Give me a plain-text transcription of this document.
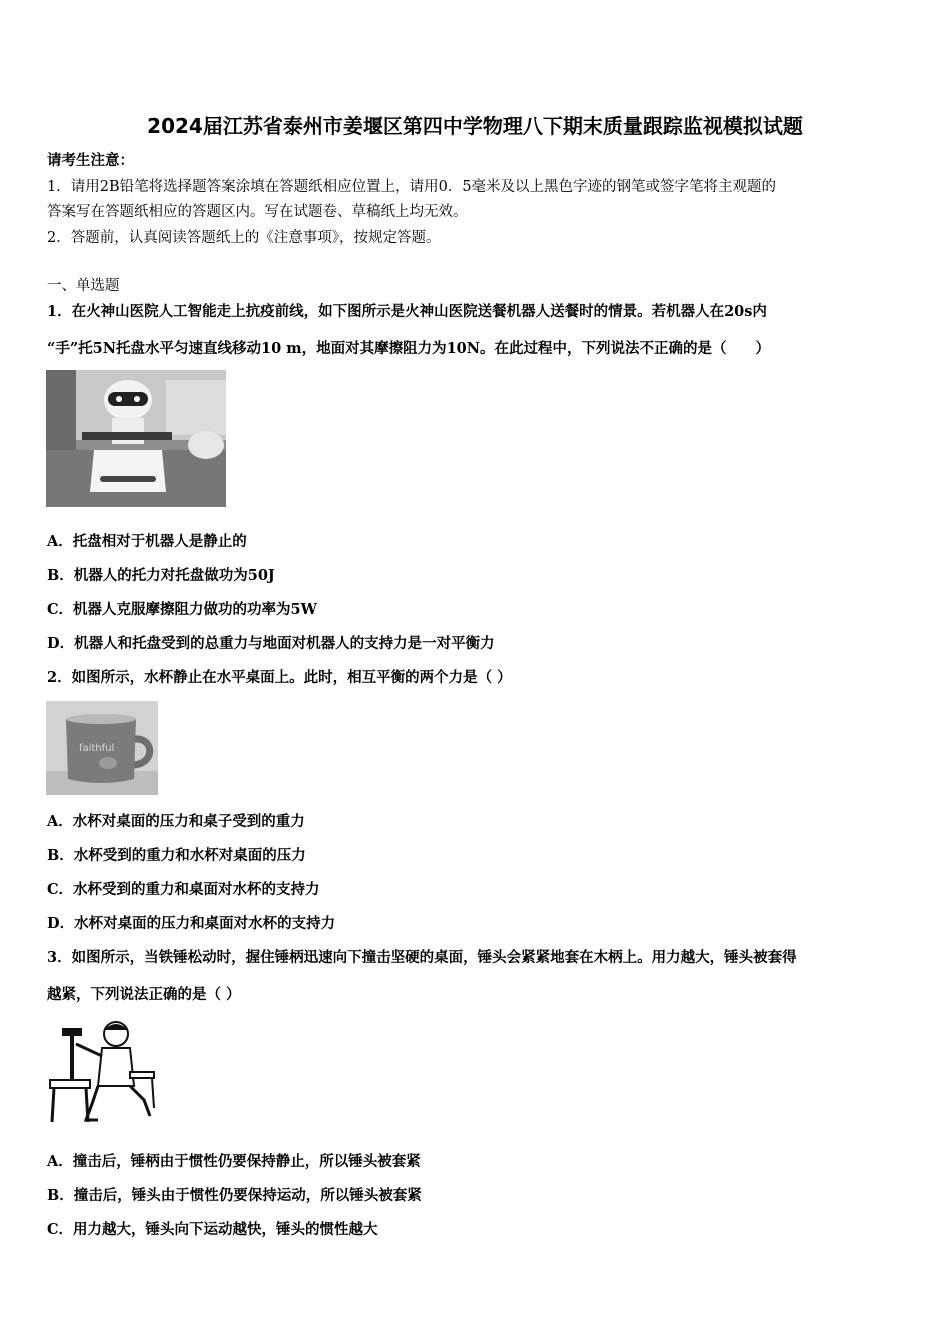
2024届江苏省泰州市姜堰区第四中学物理八下期末质量跟踪监视模拟试题
请考生注意：
1．请用2B铅笔将选择题答案涂填在答题纸相应位置上，请用0．5毫米及以上黑色字迹的钢笔或签字笔将主观题的
答案写在答题纸相应的答题区内。写在试题卷、草稿纸上均无效。
2．答题前，认真阅读答题纸上的《注意事项》，按规定答题。
一、单选题
1．在火神山医院人工智能走上抗疫前线，如下图所示是火神山医院送餐机器人送餐时的情景。若机器人在20s内
“手”托5N托盘水平匀速直线移动10 m，地面对其摩擦阻力为10N。在此过程中，下列说法不正确的是（　　）
A．托盘相对于机器人是静止的
B．机器人的托力对托盘做功为50J
C．机器人克服摩擦阻力做功的功率为5W
D．机器人和托盘受到的总重力与地面对机器人的支持力是一对平衡力
2．如图所示，水杯静止在水平桌面上。此时，相互平衡的两个力是（ ）
faithful
A．水杯对桌面的压力和桌子受到的重力
B．水杯受到的重力和水杯对桌面的压力
C．水杯受到的重力和桌面对水杯的支持力
D．水杯对桌面的压力和桌面对水杯的支持力
3．如图所示，当铁锤松动时，握住锤柄迅速向下撞击坚硬的桌面，锤头会紧紧地套在木柄上。用力越大，锤头被套得
越紧，下列说法正确的是（ ）
A．撞击后，锤柄由于惯性仍要保持静止，所以锤头被套紧
B．撞击后，锤头由于惯性仍要保持运动，所以锤头被套紧
C．用力越大，锤头向下运动越快，锤头的惯性越大
